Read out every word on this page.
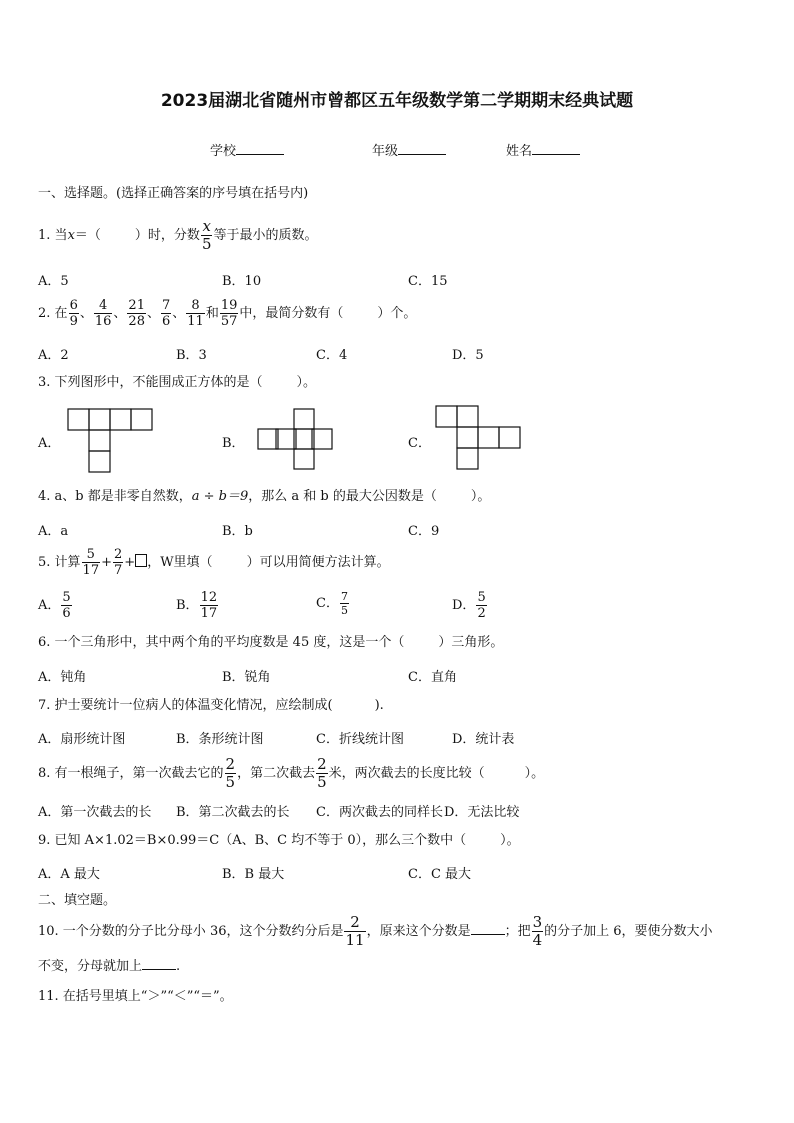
2023届湖北省随州市曾都区五年级数学第二学期期末经典试题
学校	年级	姓名
一、选择题。(选择正确答案的序号填在括号内)
1. 当x＝（	）时，分数 $\frac{x}{5}$ 等于最小的质数。
A．5	B．10	C．15
2. 在 $\frac{6}{9}$ 、 $\frac{4}{16}$ 、 $\frac{21}{28}$ 、 $\frac{7}{6}$ 、 $\frac{8}{11}$ 和 $\frac{19}{57}$ 中，最简分数有（	）个。
A．2	B．3	C．4	D．5
3. 下列图形中，不能围成正方体的是（	）。
A．	B．	C．
4. a、b 都是非零自然数，a ÷ b＝9，那么 a 和 b 的最大公因数是（	）。
A．a	B．b	C．9
5. 计算 $\frac{5}{17} + \frac{2}{7}$ + ，W里填（	）可以用简便方法计算。
A． $\frac{5}{6}$	B． $\frac{12}{17}$	C． $\frac{7}{5}$	D． $\frac{5}{2}$
6. 一个三角形中，其中两个角的平均度数是 45 度，这是一个（	）三角形。
A．钝角	B．锐角	C．直角
7. 护士要统计一位病人的体温变化情况，应绘制成(	).
A．扇形统计图	B．条形统计图	C．折线统计图	D．统计表
8. 有一根绳子，第一次截去它的 $\frac{2}{5}$ ，第二次截去 $\frac{2}{5}$ 米，两次截去的长度比较（	）。
A．第一次截去的长 B．第二次截去的长 C．两次截去的同样长 D．无法比较
9. 已知 A×1.02＝B×0.99＝C（A、B、C 均不等于 0），那么三个数中（	）。
A．A 最大	B．B 最大	C．C 最大
二、填空题。
10. 一个分数的分子比分母小 36，这个分数约分后是 $\frac{2}{11}$ ，原来这个分数是	；把 $\frac{3}{4}$ 的分子加上 6，要使分数大小
不变，分母就加上	.
11. 在括号里填上“＞”“＜”“＝”。
